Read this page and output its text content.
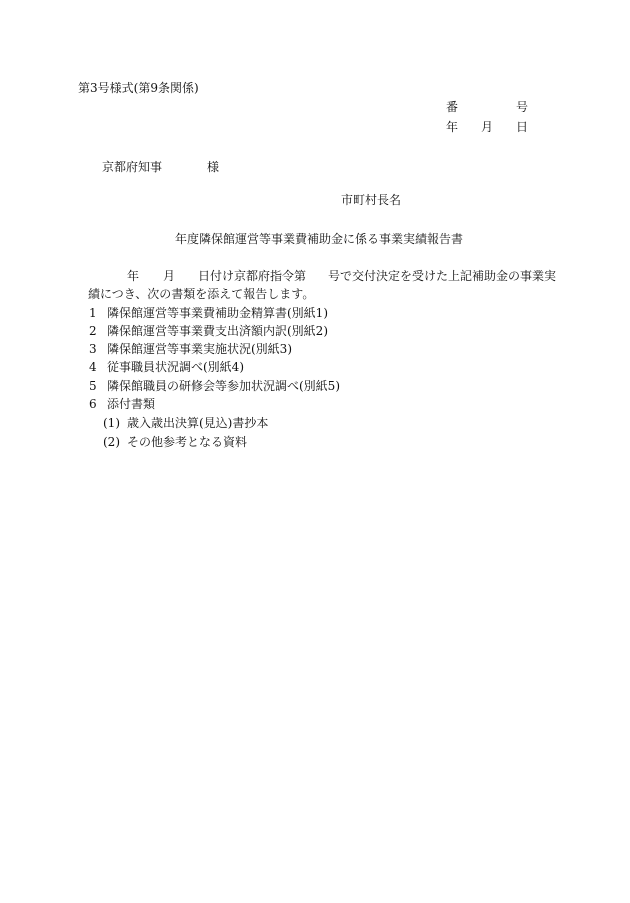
第3号様式(第9条関係)
番	号
年 月 日
京都府知事	様
市町村長名
年度隣保館運営等事業費補助金に係る事業実績報告書
年 月 日付け京都府指令第 号で交付決定を受けた上記補助金の事業実
績につき、次の書類を添えて報告します。
1 隣保館運営等事業費補助金精算書(別紙1)
2 隣保館運営等事業費支出済額内訳(別紙2)
3 隣保館運営等事業実施状況(別紙3)
4 従事職員状況調べ(別紙4)
5 隣保館職員の研修会等参加状況調べ(別紙5)
6 添付書類
(1) 歳入歳出決算(見込)書抄本
(2) その他参考となる資料
